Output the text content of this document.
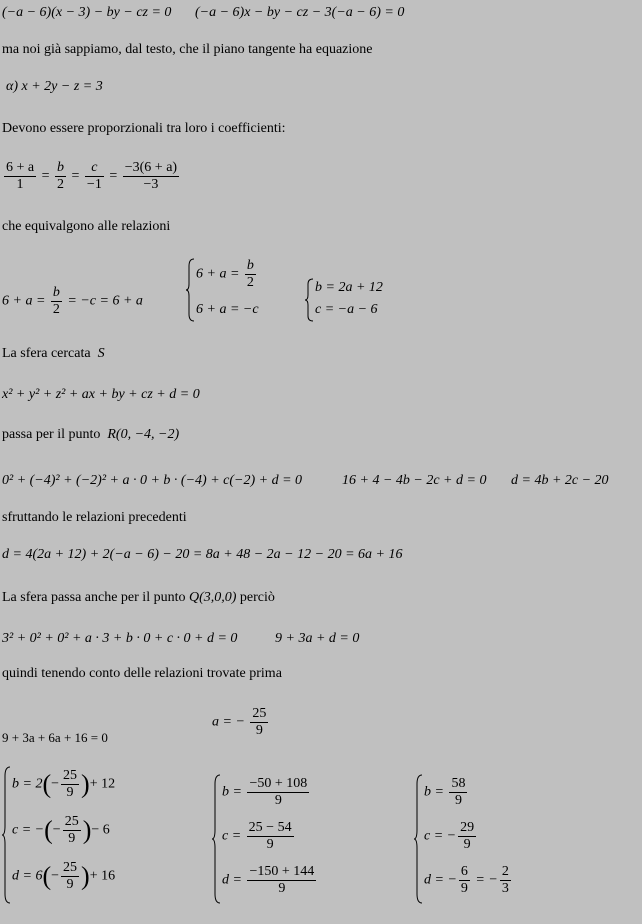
(−a − 6)(x − 3) − by − cz = 0 (−a − 6)x − by − cz − 3(−a − 6) = 0
ma noi già sappiamo, dal testo, che il piano tangente ha equazione
α) x + 2y − z = 3
Devono essere proporzionali tra loro i coefficienti:
$\frac{6 + a}{1} = \frac{b}{2} = \frac{c}{-1} = \frac{-3(6 + a)}{-3}$
che equivalgono alle relazioni
$6 + a = \frac{b}{2} = -c = 6 + a$
$6 + a = \frac{b}{2}$
6 + a = −c
b = 2a + 12
c = −a − 6
La sfera cercata S
x² + y² + z² + ax + by + cz + d = 0
passa per il punto R(0, −4, −2)
0² + (−4)² + (−2)² + a · 0 + b · (−4) + c(−2) + d = 0	16 + 4 − 4b − 2c + d = 0 d = 4b + 2c − 20
sfruttando le relazioni precedenti
d = 4(2a + 12) + 2(−a − 6) − 20 = 8a + 48 − 2a − 12 − 20 = 6a + 16
La sfera passa anche per il punto Q(3,0,0) perciò
3² + 0² + 0² + a · 3 + b · 0 + c · 0 + d = 0	9 + 3a + d = 0
quindi tenendo conto delle relazioni trovate prima
9 + 3a + 6a + 16 = 0
a = − $\frac{25}{9}$
$b = 2(- \frac{25}{9}$ )+ 12
c = −(− $\frac{25}{9}$ )− 6
$d = 6(- \frac{25}{9}$ )+ 16
$b = \frac{-50 + 108}{9}$
$c = \frac{25 - 54}{9}$
$d = \frac{-150 + 144}{9}$
$b = \frac{58}{9}$
c = − $\frac{29}{9}$
d = − $\frac{6}{9}$ = − $\frac{2}{3}$
